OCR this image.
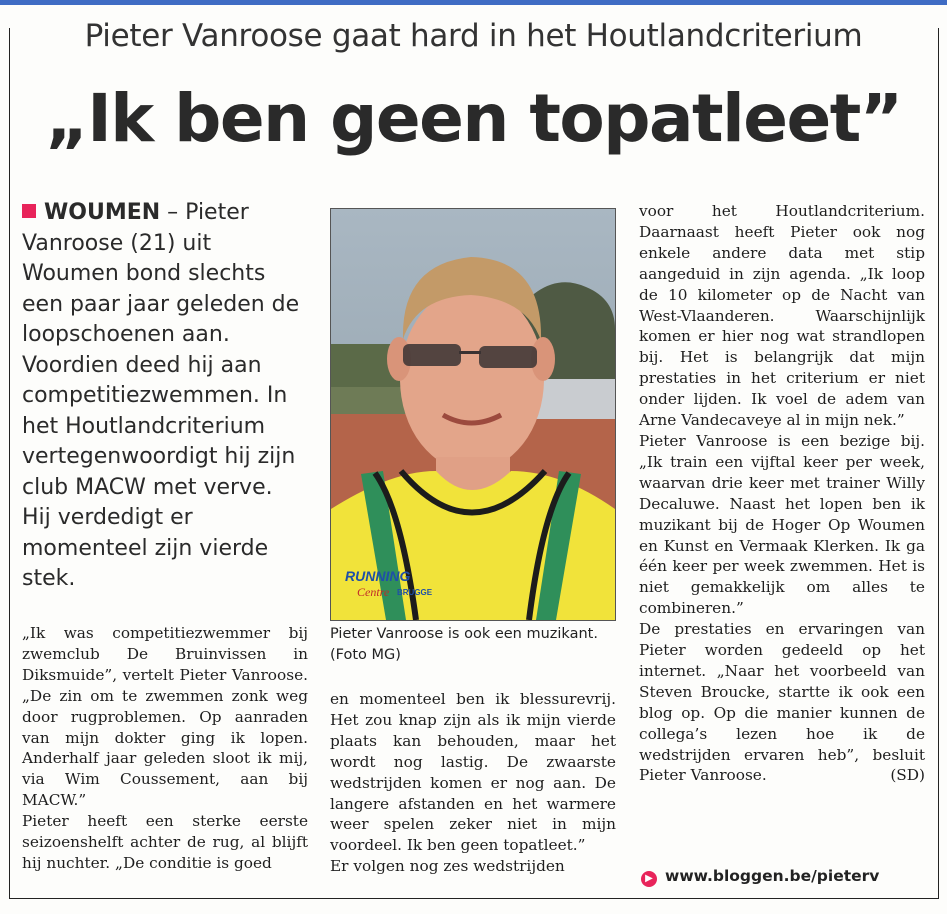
Pieter Vanroose gaat hard in het Houtlandcriterium
„Ik ben geen topatleet”
WOUMEN – Pieter Vanroose (21) uit Woumen bond slechts een paar jaar geleden de loopschoenen aan. Voordien deed hij aan competitiezwemmen. In het Houtlandcriterium vertegenwoordigt hij zijn club MACW met verve. Hij verdedigt er momenteel zijn vierde stek.

„Ik was competitiezwemmer bij zwemclub De Bruinvissen in Diksmuide”, vertelt Pieter Vanroose. „De zin om te zwemmen zonk weg door rugproblemen. Op aanraden van mijn dokter ging ik lopen. Anderhalf jaar geleden sloot ik mij, via Wim Coussement, aan bij MACW.”

Pieter heeft een sterke eerste seizoenshelft achter de rug, al blijft hij nuchter. „De conditie is goed

RUNNING
Centre BRUGGE
Pieter Vanroose is ook een muzikant. (Foto MG)

en momenteel ben ik blessurevrij. Het zou knap zijn als ik mijn vierde plaats kan behouden, maar het wordt nog lastig. De zwaarste wedstrijden komen er nog aan. De langere afstanden en het warmere weer spelen zeker niet in mijn voordeel. Ik ben geen topatleet.”

Er volgen nog zes wedstrijden

voor het Houtlandcriterium. Daarnaast heeft Pieter ook nog enkele andere data met stip aangeduid in zijn agenda. „Ik loop de 10 kilometer op de Nacht van West-Vlaanderen. Waarschijnlijk komen er hier nog wat strandlopen bij. Het is belangrijk dat mijn prestaties in het criterium er niet onder lijden. Ik voel de adem van Arne Vandecaveye al in mijn nek.”

Pieter Vanroose is een bezige bij. „Ik train een vijftal keer per week, waarvan drie keer met trainer Willy Decaluwe. Naast het lopen ben ik muzikant bij de Hoger Op Woumen en Kunst en Vermaak Klerken. Ik ga één keer per week zwemmen. Het is niet gemakkelijk om alles te combineren.”

De prestaties en ervaringen van Pieter worden gedeeld op het internet. „Naar het voorbeeld van Steven Broucke, startte ik ook een blog op. Op die manier kunnen de collega’s lezen hoe ik de wedstrijden ervaren heb”, besluit Pieter Vanroose.	(SD)

▶ www.bloggen.be/pieterv
